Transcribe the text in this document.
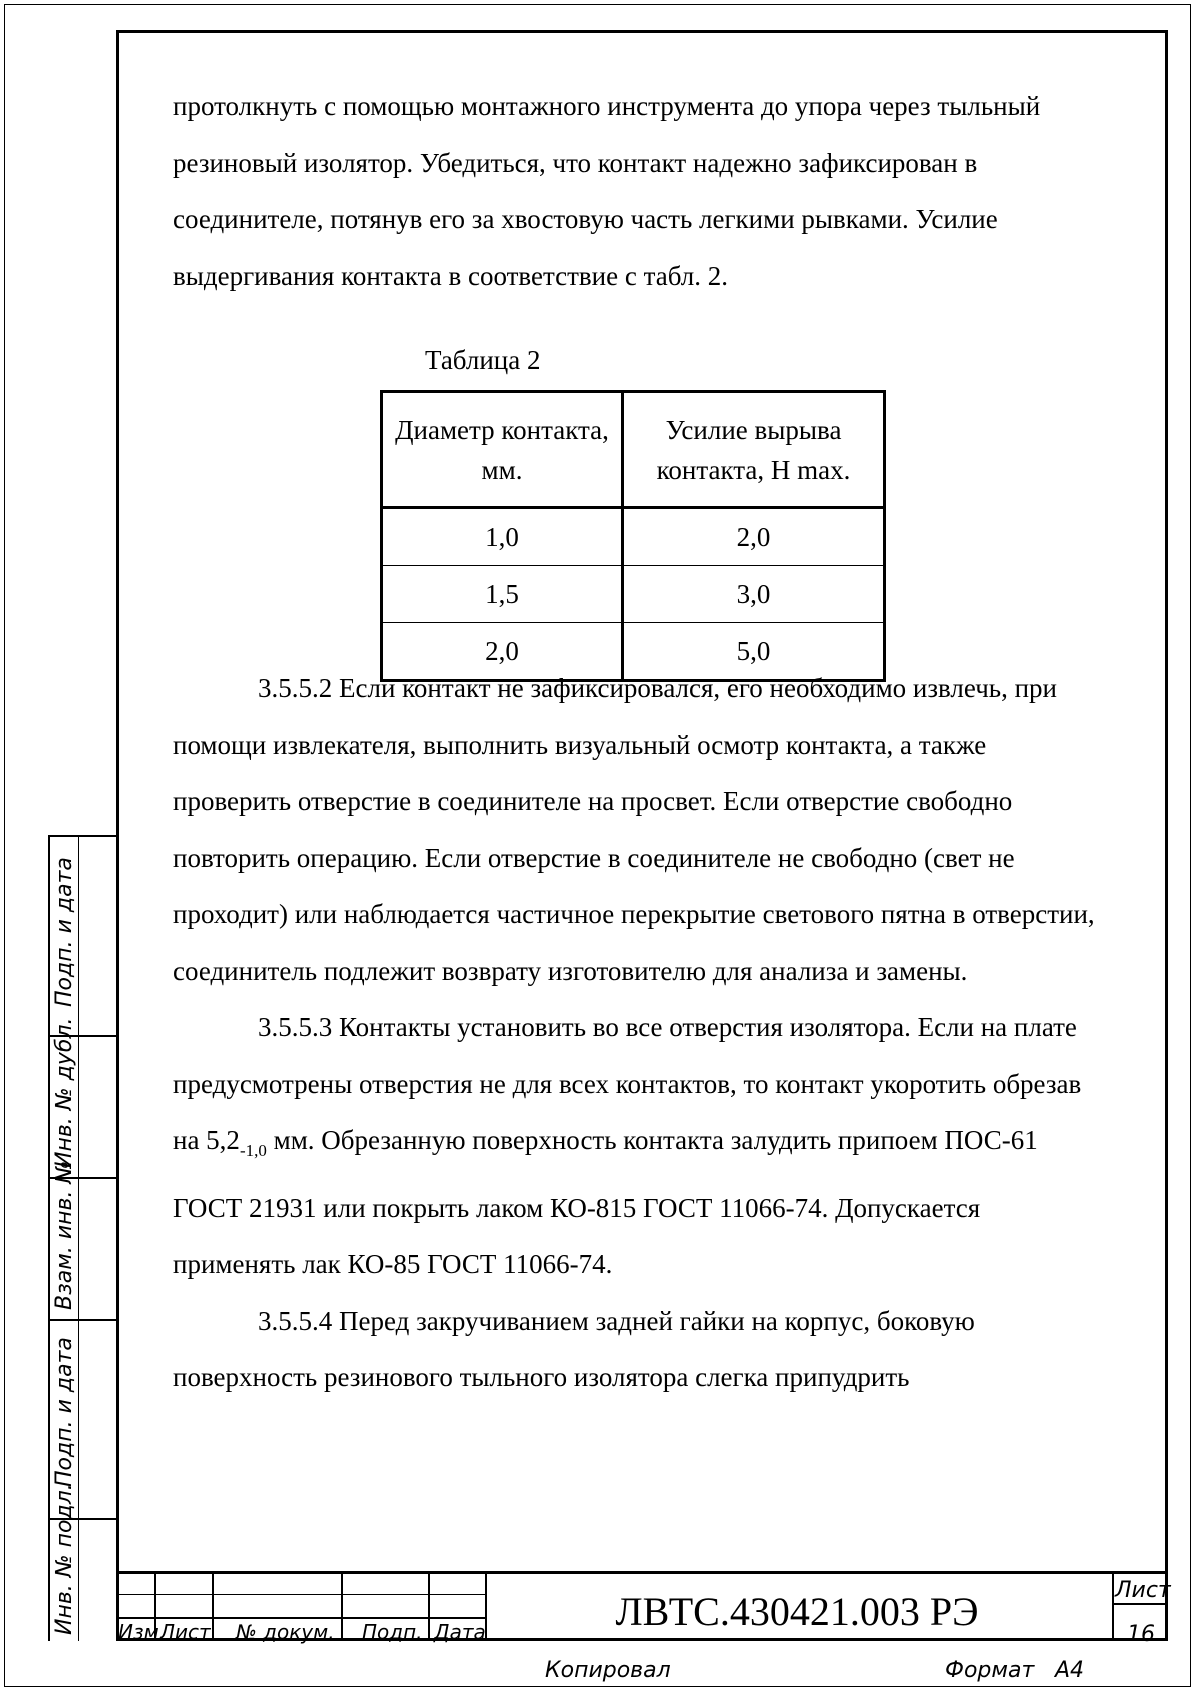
протолкнуть с помощью монтажного инструмента до упора через тыльный резиновый изолятор. Убедиться, что контакт надежно зафиксирован в соединителе, потянув его за хвостовую часть легкими рывками. Усилие выдергивания контакта в соответствие с табл. 2.

3.5.5.2 Если контакт не зафиксировался, его необходимо извлечь, при помощи извлекателя, выполнить визуальный осмотр контакта, а также проверить отверстие в соединителе на просвет. Если отверстие свободно повторить операцию. Если отверстие в соединителе не свободно (свет не проходит) или наблюдается частичное перекрытие светового пятна в отверстии, соединитель подлежит возврату изготовителю для анализа и замены.

3.5.5.3 Контакты установить во все отверстия изолятора. Если на плате предусмотрены отверстия не для всех контактов, то контакт укоротить обрезав на $5,2_{-1,0}$ мм. Обрезанную поверхность контакта залудить припоем ПОС-61 ГОСТ 21931 или покрыть лаком КО-815 ГОСТ 11066-74. Допускается применять лак КО-85 ГОСТ 11066-74.

3.5.5.4 Перед закручиванием задней гайки на корпус, боковую поверхность резинового тыльного изолятора слегка припудрить

Таблица 2
Диаметр контакта, мм.	Усилие вырыва контакта, Н max.
1,0	2,0
1,5	3,0
2,0	5,0
Подп. и дата
Инв. № дубл.
Взам. инв. №
Подп. и дата
Инв. № подл. Изм.
Лист № докум. Подп. Дата	ЛВТС.430421.003 РЭ	Лист
16
Копировал	Формат А4
